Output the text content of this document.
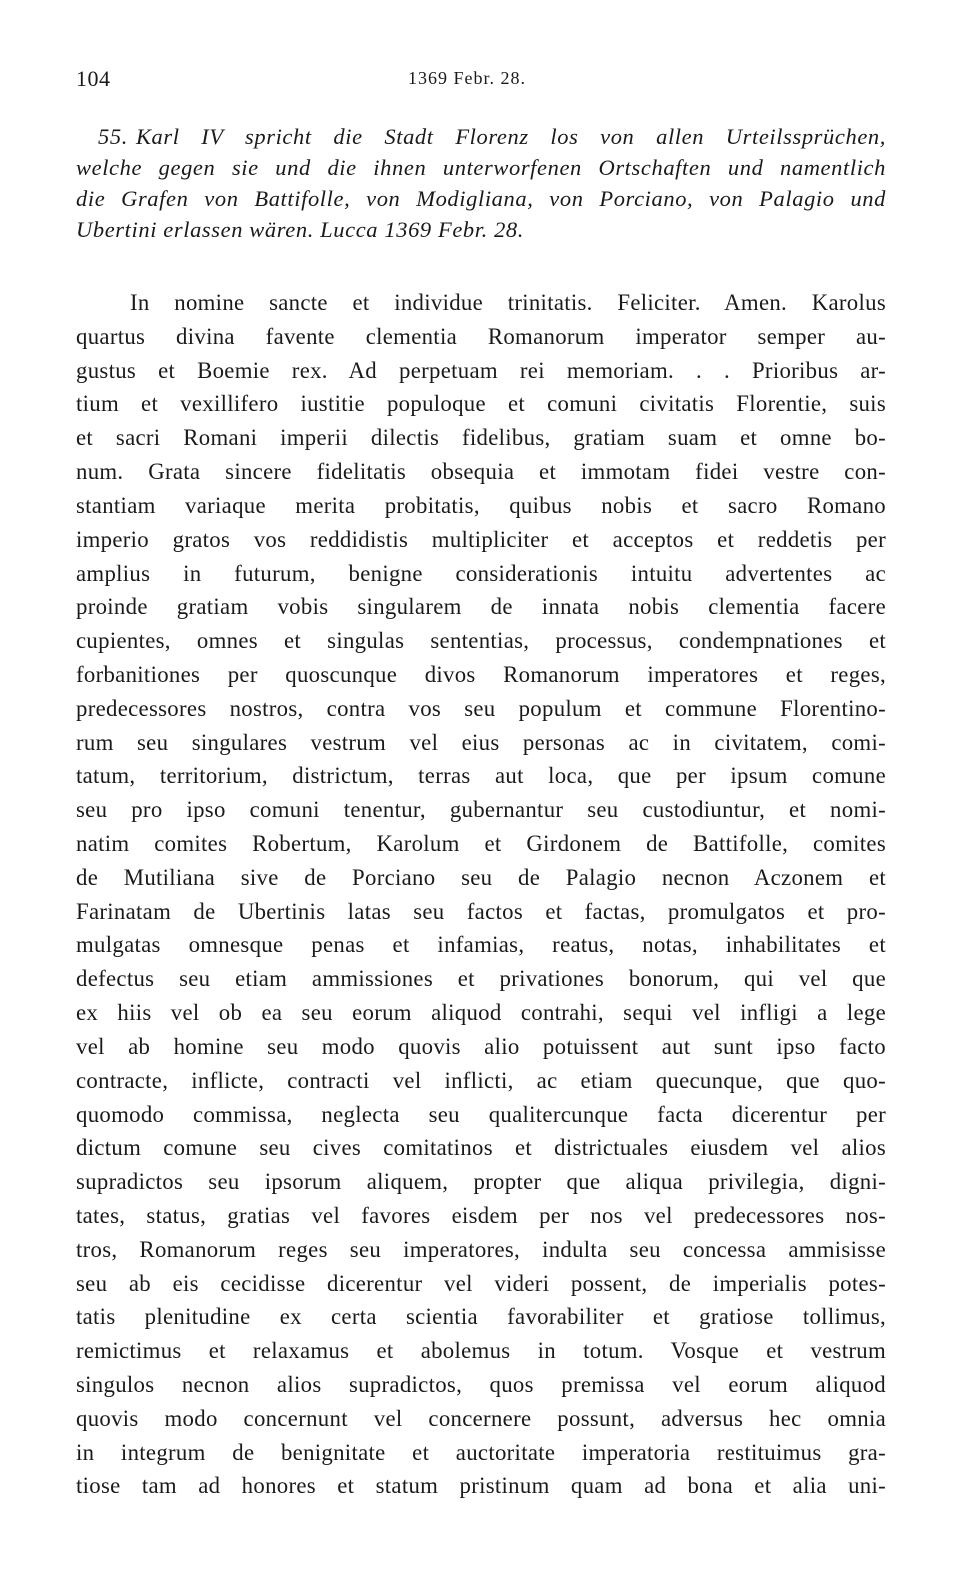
104	1369 Febr. 28.
55. Karl IV spricht die Stadt Florenz los von allen Urteilssprüchen,
welche gegen sie und die ihnen unterworfenen Ortschaften und namentlich
die Grafen von Battifolle, von Modigliana, von Porciano, von Palagio und
Ubertini erlassen wären. Lucca 1369 Febr. 28.
In nomine sancte et individue trinitatis. Feliciter. Amen. Karolus
quartus divina favente clementia Romanorum imperator semper au-
gustus et Boemie rex. Ad perpetuam rei memoriam. . . Prioribus ar-
tium et vexillifero iustitie populoque et comuni civitatis Florentie, suis
et sacri Romani imperii dilectis fidelibus, gratiam suam et omne bo-
num. Grata sincere fidelitatis obsequia et immotam fidei vestre con-
stantiam variaque merita probitatis, quibus nobis et sacro Romano
imperio gratos vos reddidistis multipliciter et acceptos et reddetis per
amplius in futurum, benigne considerationis intuitu advertentes ac
proinde gratiam vobis singularem de innata nobis clementia facere
cupientes, omnes et singulas sententias, processus, condempnationes et
forbanitiones per quoscunque divos Romanorum imperatores et reges,
predecessores nostros, contra vos seu populum et commune Florentino-
rum seu singulares vestrum vel eius personas ac in civitatem, comi-
tatum, territorium, districtum, terras aut loca, que per ipsum comune
seu pro ipso comuni tenentur, gubernantur seu custodiuntur, et nomi-
natim comites Robertum, Karolum et Girdonem de Battifolle, comites
de Mutiliana sive de Porciano seu de Palagio necnon Aczonem et
Farinatam de Ubertinis latas seu factos et factas, promulgatos et pro-
mulgatas omnesque penas et infamias, reatus, notas, inhabilitates et
defectus seu etiam ammissiones et privationes bonorum, qui vel que
ex hiis vel ob ea seu eorum aliquod contrahi, sequi vel infligi a lege
vel ab homine seu modo quovis alio potuissent aut sunt ipso facto
contracte, inflicte, contracti vel inflicti, ac etiam quecunque, que quo-
quomodo commissa, neglecta seu qualitercunque facta dicerentur per
dictum comune seu cives comitatinos et districtuales eiusdem vel alios
supradictos seu ipsorum aliquem, propter que aliqua privilegia, digni-
tates, status, gratias vel favores eisdem per nos vel predecessores nos-
tros, Romanorum reges seu imperatores, indulta seu concessa ammisisse
seu ab eis cecidisse dicerentur vel videri possent, de imperialis potes-
tatis plenitudine ex certa scientia favorabiliter et gratiose tollimus,
remictimus et relaxamus et abolemus in totum. Vosque et vestrum
singulos necnon alios supradictos, quos premissa vel eorum aliquod
quovis modo concernunt vel concernere possunt, adversus hec omnia
in integrum de benignitate et auctoritate imperatoria restituimus gra-
tiose tam ad honores et statum pristinum quam ad bona et alia uni-
